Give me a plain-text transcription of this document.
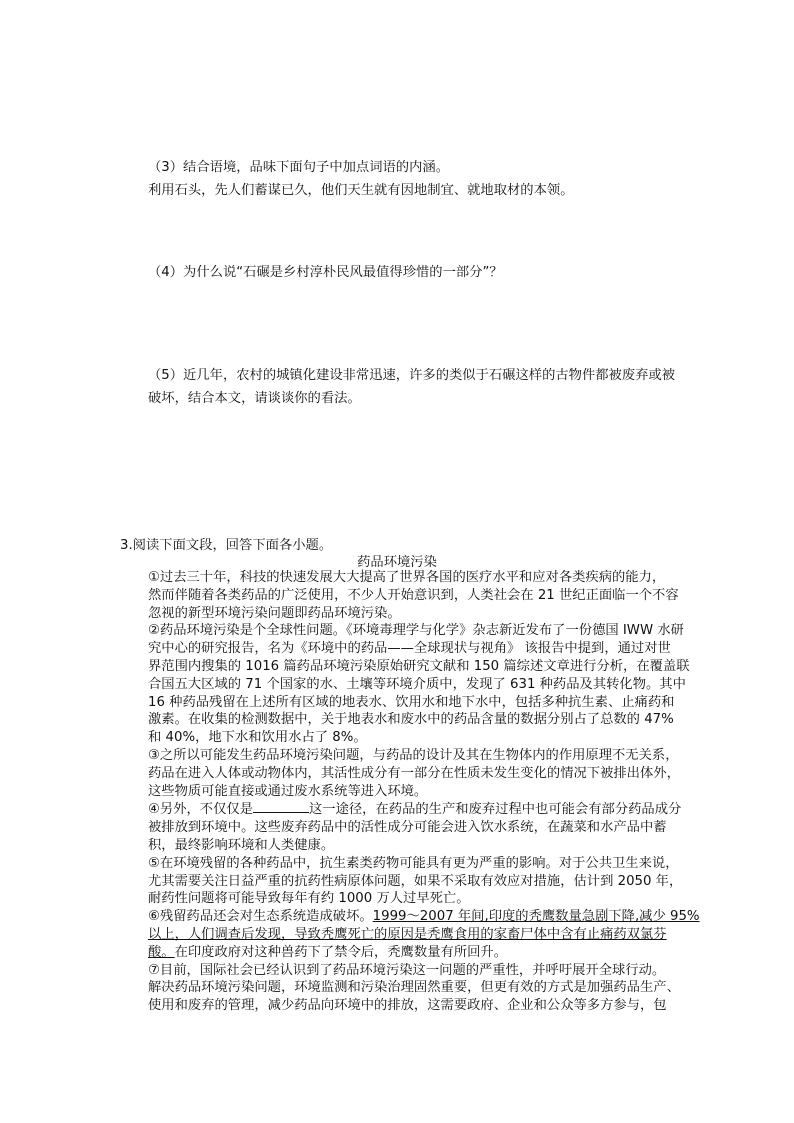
（3）结合语境，品味下面句子中加点词语的内涵。
利用石头，先人们蓄谋已久，他们天生就有因地制宜、就地取材的本领。
（4）为什么说“石碾是乡村淳朴民风最值得珍惜的一部分”？
（5）近几年，农村的城镇化建设非常迅速，许多的类似于石碾这样的古物件都被废弃或被
破坏，结合本文，请谈谈你的看法。
3.阅读下面文段，回答下面各小题。
药品环境污染
①过去三十年，科技的快速发展大大提高了世界各国的医疗水平和应对各类疾病的能力，
然而伴随着各类药品的广泛使用，不少人开始意识到，人类社会在 21 世纪正面临一个不容
忽视的新型环境污染问题即药品环境污染。
②药品环境污染是个全球性问题。《环境毒理学与化学》杂志新近发布了一份德国 IWW 水研
究中心的研究报告，名为《环境中的药品——全球现状与视角》 该报告中提到，通过对世
界范围内搜集的 1016 篇药品环境污染原始研究文献和 150 篇综述文章进行分析，在覆盖联
合国五大区域的 71 个国家的水、土壤等环境介质中，发现了 631 种药品及其转化物。其中
16 种药品残留在上述所有区域的地表水、饮用水和地下水中，包括多种抗生素、止痛药和
激素。在收集的检测数据中，关于地表水和废水中的药品含量的数据分别占了总数的 47%
和 40%，地下水和饮用水占了 8%。
③之所以可能发生药品环境污染问题，与药品的设计及其在生物体内的作用原理不无关系，
药品在进入人体或动物体内，其活性成分有一部分在性质未发生变化的情况下被排出体外，
这些物质可能直接或通过废水系统等进入环境。
④另外，不仅仅是	这一途径，在药品的生产和废弃过程中也可能会有部分药品成分
被排放到环境中。这些废弃药品中的活性成分可能会进入饮水系统，在蔬菜和水产品中蓄
积，最终影响环境和人类健康。
⑤在环境残留的各种药品中，抗生素类药物可能具有更为严重的影响。对于公共卫生来说，
尤其需要关注日益严重的抗药性病原体问题，如果不采取有效应对措施，估计到 2050 年，
耐药性问题将可能导致每年有约 1000 万人过早死亡。
⑥残留药品还会对生态系统造成破坏。1999～2007 年间,印度的秃鹰数量急剧下降,减少 95%
以上，人们调查后发现，导致秃鹰死亡的原因是秃鹰食用的家畜尸体中含有止痛药双氯芬
酸。在印度政府对这种兽药下了禁令后，秃鹰数量有所回升。
⑦目前，国际社会已经认识到了药品环境污染这一问题的严重性，并呼吁展开全球行动。
解决药品环境污染问题，环境监测和污染治理固然重要，但更有效的方式是加强药品生产、
使用和废弃的管理，减少药品向环境中的排放，这需要政府、企业和公众等多方参与，包
